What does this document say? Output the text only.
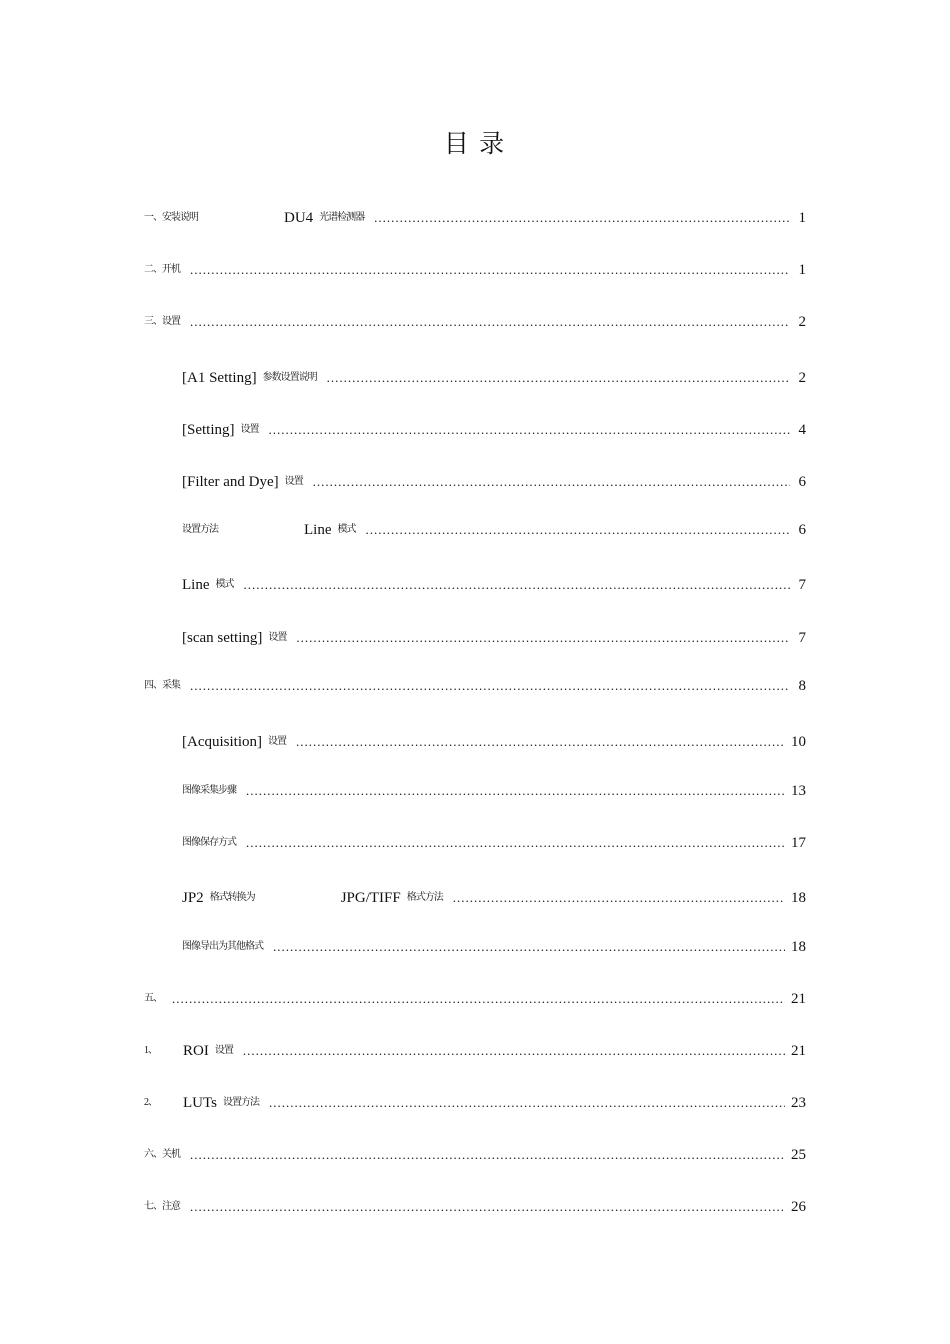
目 录
一、安装说明	DU4 光谱检测器 .....	1
二、开机 .....	1
三、设置 .....	2
[A1 Setting] 参数设置说明 .....	2
[Setting] 设置 .....	4
[Filter and Dye] 设置 .....	6
设置方法	Line 模式 .....	6
Line 模式 .....	7
[scan setting] 设置 .....	7
四、采集 .....	8
[Acquisition] 设置 .....	10
图像采集步骤 .....	13
图像保存方式 .....	17
JP2 格式转换为	JPG/TIFF 格式方法 .....	18
图像导出为其他格式 .....	18
五、 .....	21
1、	ROI 设置 .....	21
2、	LUTs 设置方法 .....	23
六、关机 .....	25
七、注意 .....	26
